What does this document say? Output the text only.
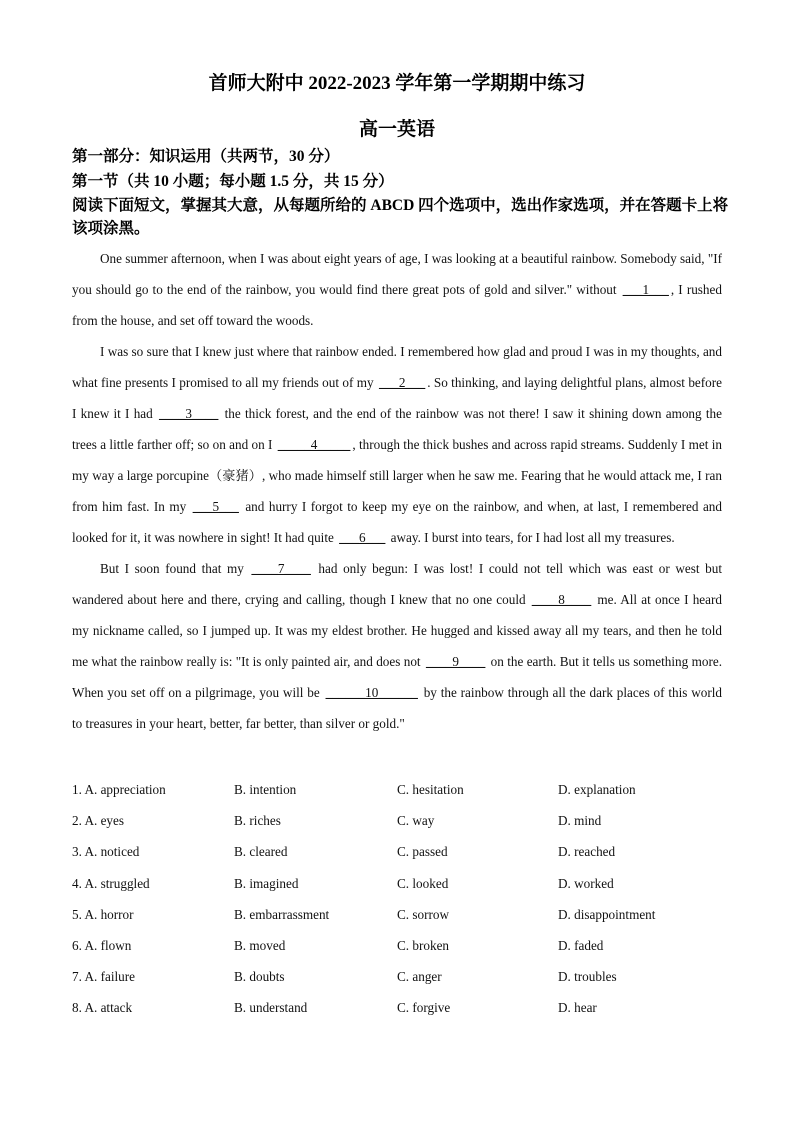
首师大附中 2022-2023 学年第一学期期中练习
高一英语
第一部分：知识运用（共两节，30 分）
第一节（共 10 小题；每小题 1.5 分，共 15 分）
阅读下面短文，掌握其大意，从每题所给的 ABCD 四个选项中，选出作家选项，并在答题卡上将该项涂黑。

One summer afternoon, when I was about eight years of age, I was looking at a beautiful rainbow. Somebody said, "If you should go to the end of the rainbow, you would find there great pots of gold and silver." without ___1___ , I rushed from the house, and set off toward the woods.

I was so sure that I knew just where that rainbow ended. I remembered how glad and proud I was in my thoughts, and what fine presents I promised to all my friends out of my ___2___ . So thinking, and laying delightful plans, almost before I knew it I had ____3____ the thick forest, and the end of the rainbow was not there! I saw it shining down among the trees a little farther off; so on and on I _____4_____ , through the thick bushes and across rapid streams. Suddenly I met in my way a large porcupine（豪猪）, who made himself still larger when he saw me. Fearing that he would attack me, I ran from him fast. In my ___5___ and hurry I forgot to keep my eye on the rainbow, and when, at last, I remembered and looked for it, it was nowhere in sight! It had quite ___6___ away. I burst into tears, for I had lost all my treasures.

But I soon found that my ____7____ had only begun: I was lost! I could not tell which was east or west but wandered about here and there, crying and calling, though I knew that no one could ____8____ me. All at once I heard my nickname called, so I jumped up. It was my eldest brother. He hugged and kissed away all my tears, and then he told me what the rainbow really is: "It is only painted air, and does not ____9____ on the earth. But it tells us something more. When you set off on a pilgrimage, you will be ______10______ by the rainbow through all the dark places of this world to treasures in your heart, better, far better, than silver or gold."

1. A. appreciation	B. intention	C. hesitation	D. explanation
2. A. eyes	B. riches	C. way	D. mind
3. A. noticed	B. cleared	C. passed	D. reached
4. A. struggled	B. imagined	C. looked	D. worked
5. A. horror	B. embarrassment	C. sorrow	D. disappointment
6. A. flown	B. moved	C. broken	D. faded
7. A. failure	B. doubts	C. anger	D. troubles
8. A. attack	B. understand	C. forgive	D. hear
